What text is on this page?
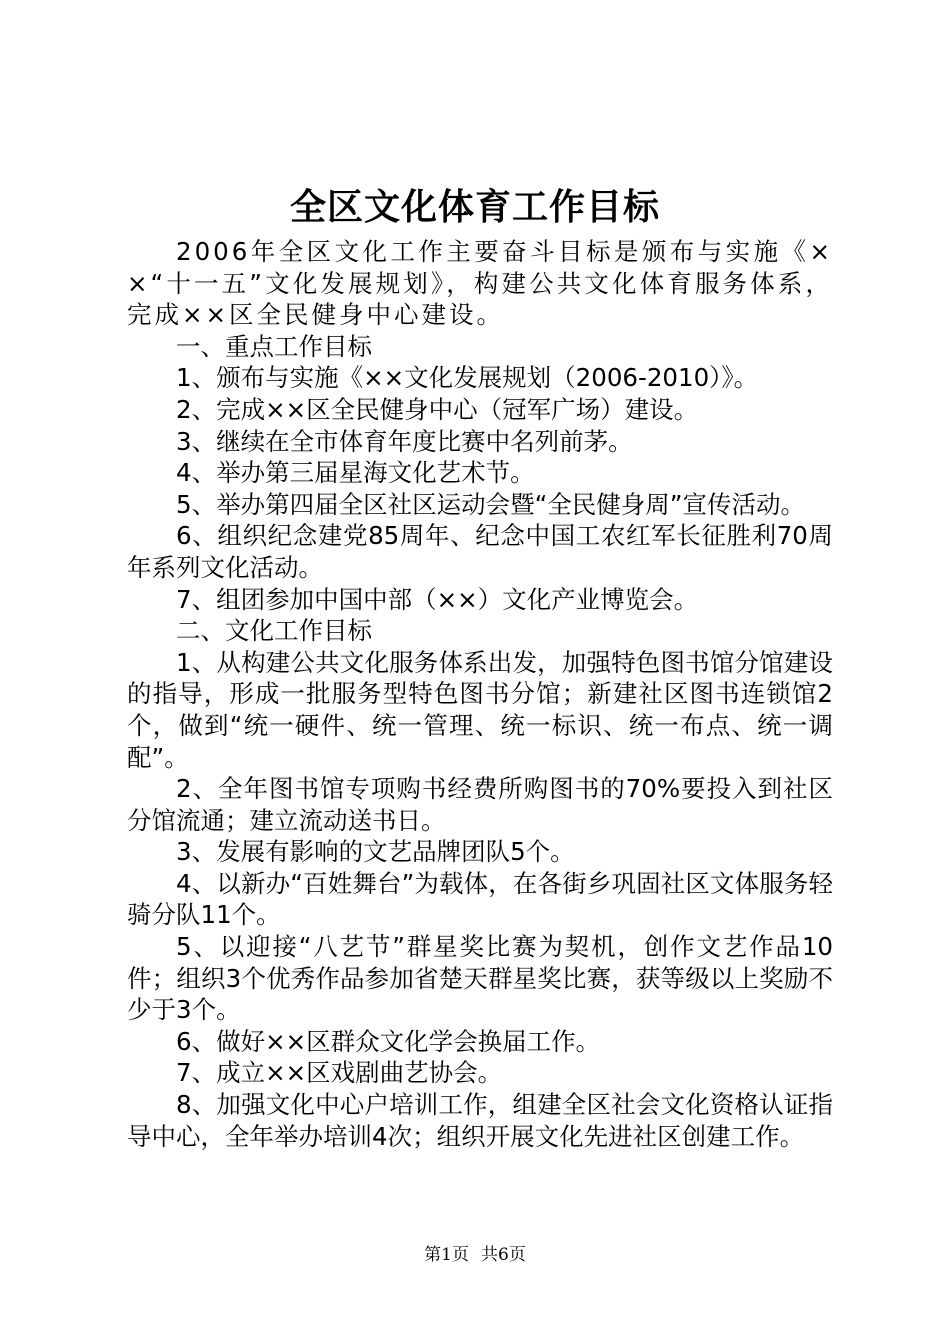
全区文化体育工作目标

2006年全区文化工作主要奋斗目标是颁布与实施《××“十一五”文化发展规划》，构建公共文化体育服务体系，完成××区全民健身中心建设。

一、重点工作目标

1、颁布与实施《××文化发展规划（2006-2010）》。

2、完成××区全民健身中心（冠军广场）建设。

3、继续在全市体育年度比赛中名列前茅。

4、举办第三届星海文化艺术节。

5、举办第四届全区社区运动会暨“全民健身周”宣传活动。

6、组织纪念建党85周年、纪念中国工农红军长征胜利70周年系列文化活动。

7、组团参加中国中部（××）文化产业博览会。

二、文化工作目标

1、从构建公共文化服务体系出发，加强特色图书馆分馆建设的指导，形成一批服务型特色图书分馆；新建社区图书连锁馆2个，做到“统一硬件、统一管理、统一标识、统一布点、统一调配”。

2、全年图书馆专项购书经费所购图书的70%要投入到社区分馆流通；建立流动送书日。

3、发展有影响的文艺品牌团队5个。

4、以新办“百姓舞台”为载体，在各街乡巩固社区文体服务轻骑分队11个。

5、以迎接“八艺节”群星奖比赛为契机，创作文艺作品10件；组织3个优秀作品参加省楚天群星奖比赛，获等级以上奖励不少于3个。

6、做好××区群众文化学会换届工作。

7、成立××区戏剧曲艺协会。

8、加强文化中心户培训工作，组建全区社会文化资格认证指导中心，全年举办培训4次；组织开展文化先进社区创建工作。

第1页 共6页
